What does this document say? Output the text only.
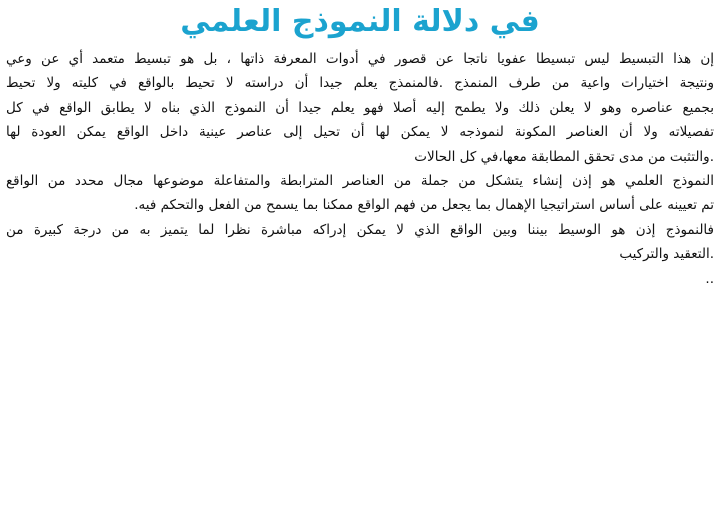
في دلالة النموذج العلمي
إن هذا التبسيط ليس تبسيطا عفويا ناتجا عن قصور في أدوات المعرفة ذاتها ، بل هو تبسيط متعمد أي عن وعي
ونتيجة اختيارات واعية من طرف المنمذج .فالمنمذج يعلم جيدا أن دراسته لا تحيط بالواقع في كليته ولا تحيط
بجميع عناصره وهو لا يعلن ذلك ولا يطمح إليه أصلا فهو يعلم جيدا أن النموذج الذي بناه لا يطابق الواقع في كل
تفصيلاته ولا أن العناصر المكونة لنموذجه لا يمكن لها أن تحيل إلى عناصر عينية داخل الواقع يمكن العودة لها
.والتثبت من مدى تحقق المطابقة معها،في كل الحالات
النموذج العلمي هو إذن إنشاء يتشكل من جملة من العناصر المترابطة والمتفاعلة موضوعها مجال محدد من الواقع
تم تعيينه على أساس استراتيجيا الإهمال بما يجعل من فهم الواقع ممكنا بما يسمح من الفعل والتحكم فيه.
فالنموذج إذن هو الوسيط بيننا وبين الواقع الذي لا يمكن إدراكه مباشرة نظرا لما يتميز به من درجة كبيرة من
.التعقيد والتركيب
..
